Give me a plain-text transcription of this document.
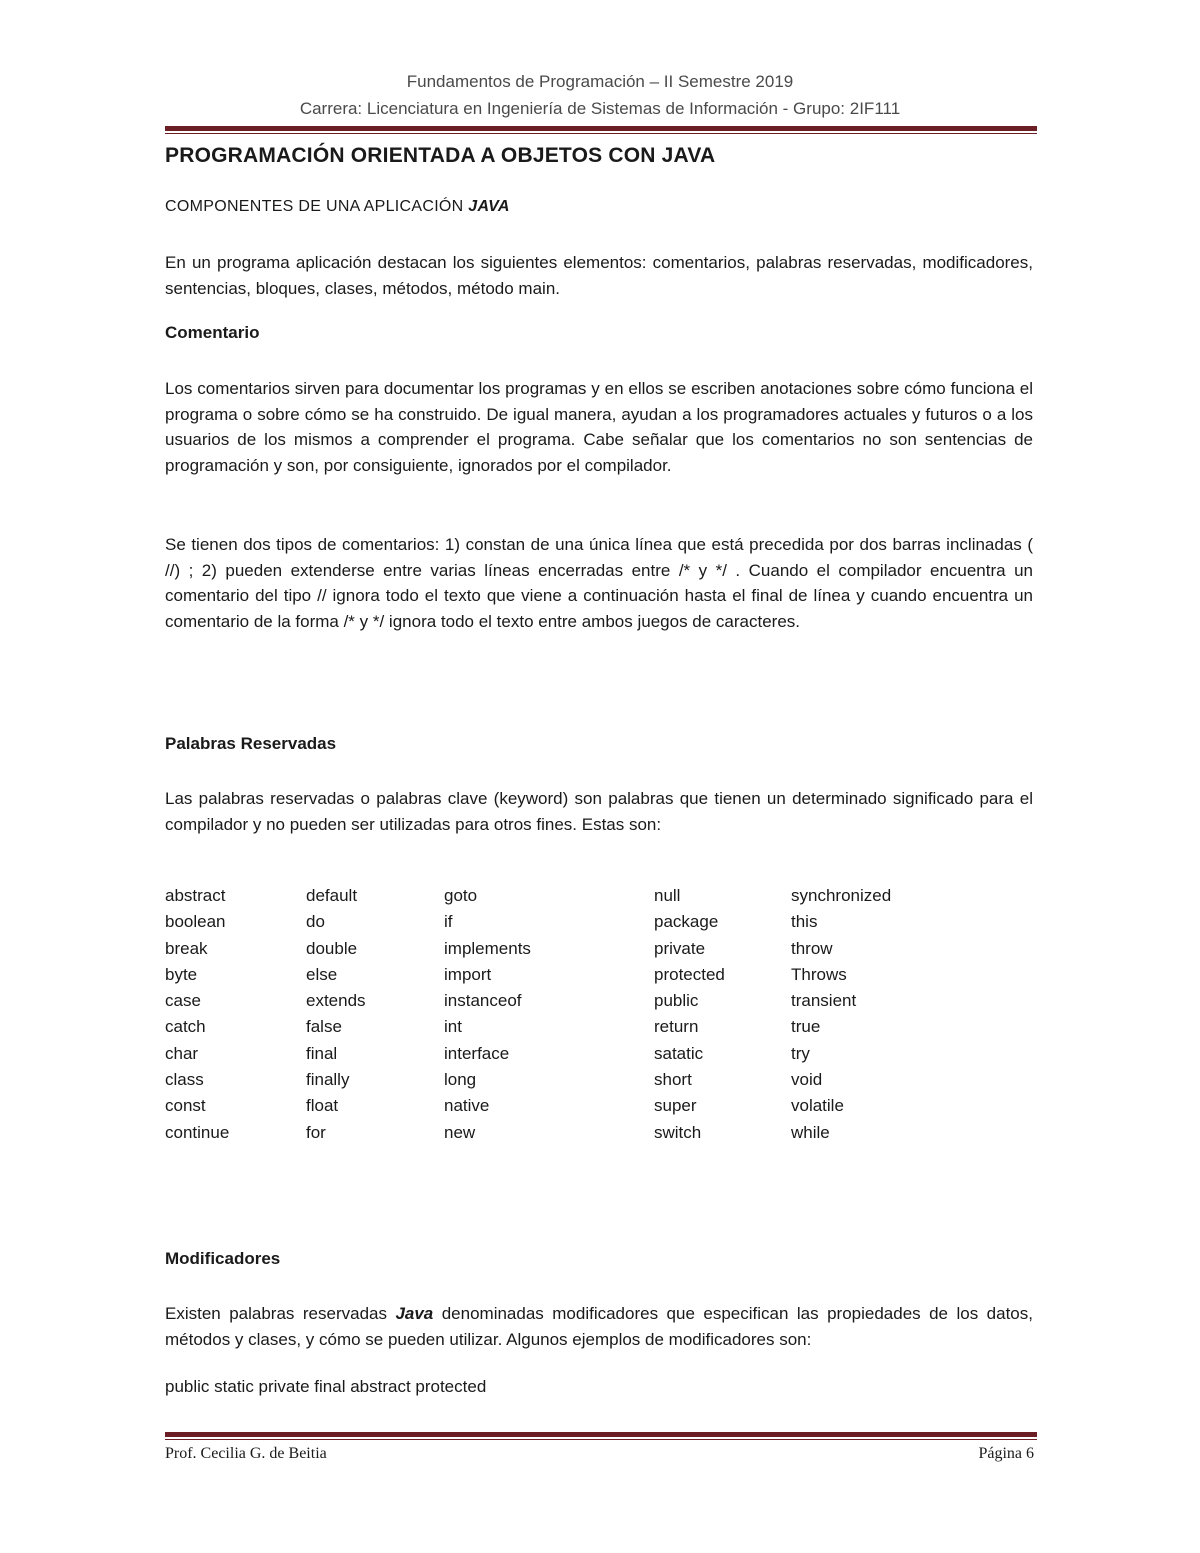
Fundamentos de Programación – II Semestre 2019
Carrera: Licenciatura en Ingeniería de Sistemas de Información - Grupo: 2IF111
PROGRAMACIÓN ORIENTADA A OBJETOS CON JAVA
COMPONENTES DE UNA APLICACIÓN JAVA
En un programa aplicación destacan los siguientes elementos: comentarios, palabras reservadas, modificadores, sentencias, bloques, clases, métodos, método main.
Comentario
Los comentarios sirven para documentar los programas y en ellos se escriben anotaciones sobre cómo funciona el programa o sobre cómo se ha construido. De igual manera, ayudan a los programadores actuales y futuros o a los usuarios de los mismos a comprender el programa. Cabe señalar que los comentarios no son sentencias de programación y son, por consiguiente, ignorados por el compilador.
Se tienen dos tipos de comentarios: 1) constan de una única línea que está precedida por dos barras inclinadas ( //) ; 2) pueden extenderse entre varias líneas encerradas entre /* y */ . Cuando el compilador encuentra un comentario del tipo // ignora todo el texto que viene a continuación hasta el final de línea y cuando encuentra un comentario de la forma /* y */ ignora todo el texto entre ambos juegos de caracteres.
Palabras Reservadas
Las palabras reservadas o palabras clave (keyword) son palabras que tienen un determinado significado para el compilador y no pueden ser utilizadas para otros fines. Estas son:
abstract
boolean
break
byte
case
catch
char
class
const
continue
default
do
double
else
extends
false
final
finally
float
for
goto
if
implements
import
instanceof
int
interface
long
native
new
null
package
private
protected
public
return
satatic
short
super
switch
synchronized
this
throw
Throws
transient
true
try
void
volatile
while
Modificadores
Existen palabras reservadas Java denominadas modificadores que especifican las propiedades de los datos, métodos y clases, y cómo se pueden utilizar. Algunos ejemplos de modificadores son:
public static private final abstract protected
Prof. Cecilia G. de Beitia	Página 6
